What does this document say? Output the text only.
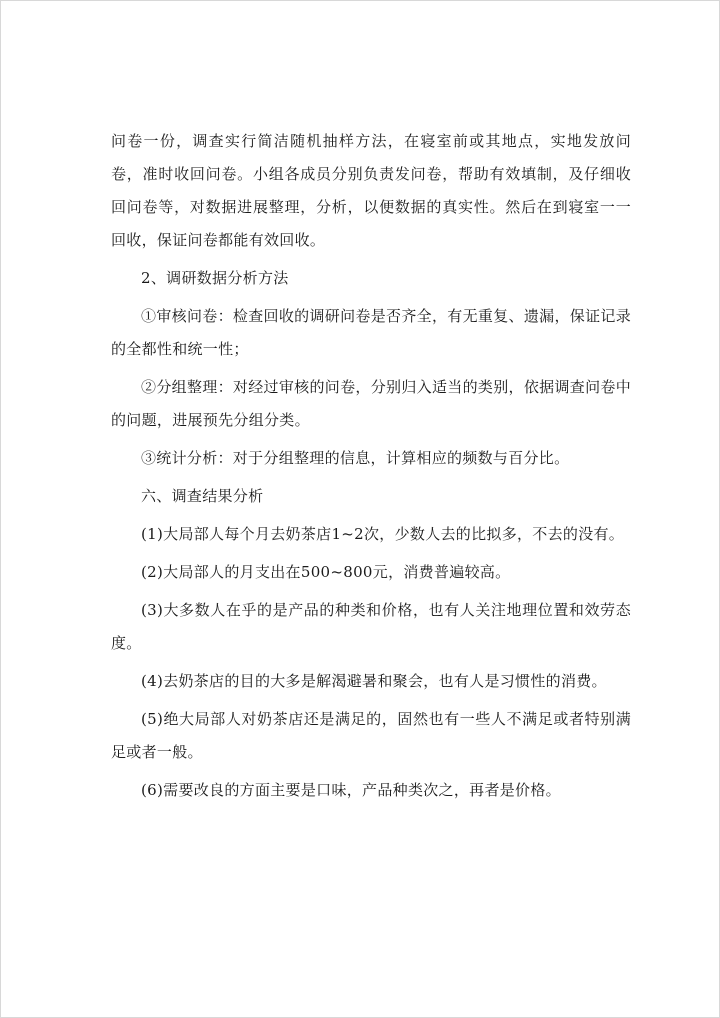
问卷一份，调查实行简洁随机抽样方法，在寝室前或其地点，实地发放问卷，准时收回问卷。小组各成员分别负责发问卷，帮助有效填制，及仔细收回问卷等，对数据进展整理，分析，以便数据的真实性。然后在到寝室一一回收，保证问卷都能有效回收。

2、调研数据分析方法

①审核问卷：检查回收的调研问卷是否齐全，有无重复、遗漏，保证记录的全都性和统一性；

②分组整理：对经过审核的问卷，分别归入适当的类别，依据调查问卷中的问题，进展预先分组分类。

③统计分析：对于分组整理的信息，计算相应的频数与百分比。

六、调查结果分析

(1)大局部人每个月去奶茶店1~2次，少数人去的比拟多，不去的没有。

(2)大局部人的月支出在500~800元，消费普遍较高。

(3)大多数人在乎的是产品的种类和价格，也有人关注地理位置和效劳态度。

(4)去奶茶店的目的大多是解渴避暑和聚会，也有人是习惯性的消费。

(5)绝大局部人对奶茶店还是满足的，固然也有一些人不满足或者特别满足或者一般。

(6)需要改良的方面主要是口味，产品种类次之，再者是价格。
